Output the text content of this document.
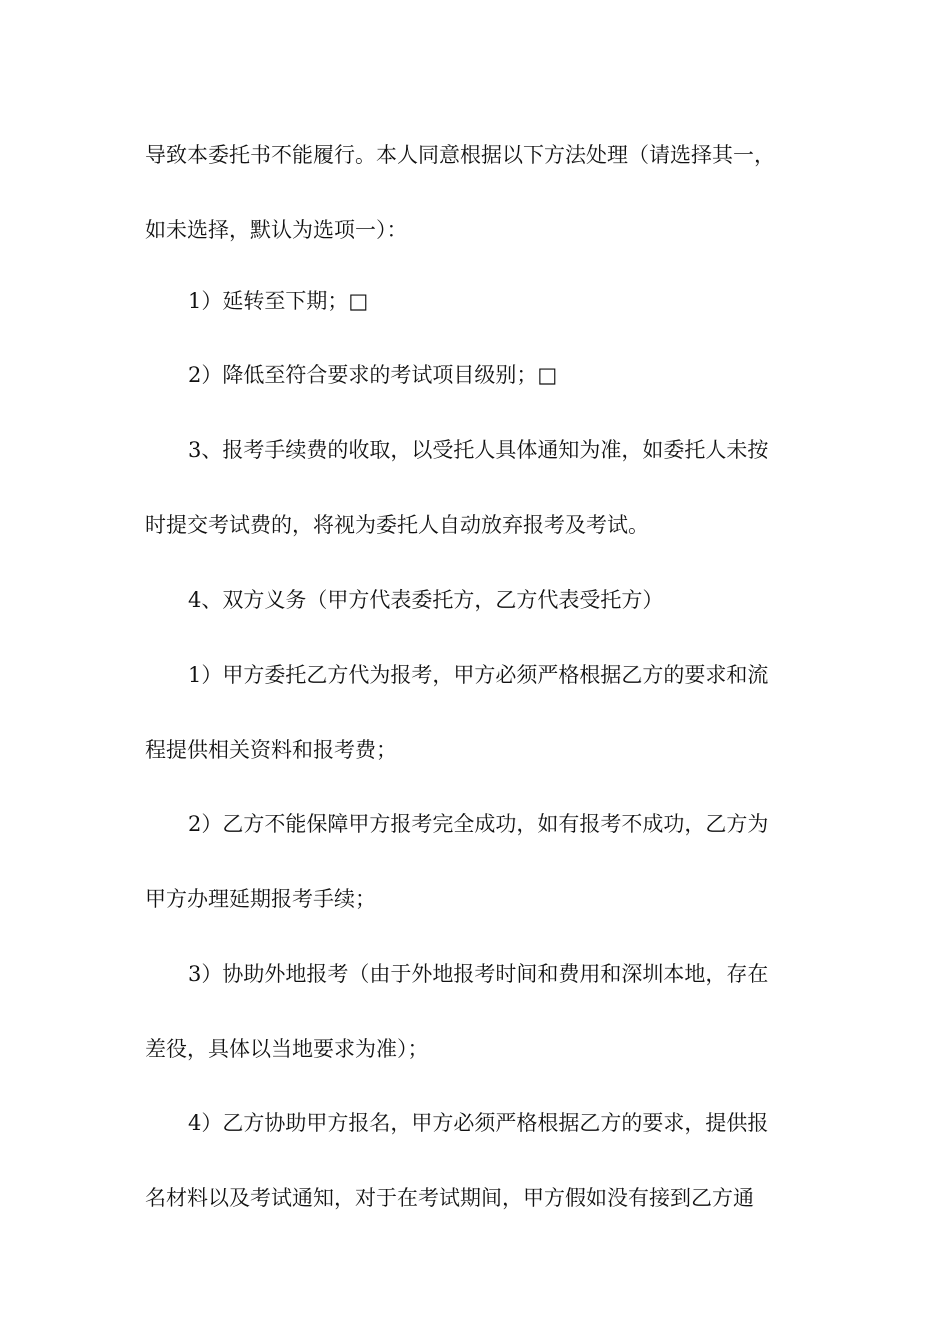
导致本委托书不能履行。本人同意根据以下方法处理（请选择其一，
如未选择，默认为选项一）：
1）延转至下期；□
2）降低至符合要求的考试项目级别；□
3、报考手续费的收取，以受托人具体通知为准，如委托人未按
时提交考试费的，将视为委托人自动放弃报考及考试。
4、双方义务（甲方代表委托方，乙方代表受托方）
1）甲方委托乙方代为报考，甲方必须严格根据乙方的要求和流
程提供相关资料和报考费；
2）乙方不能保障甲方报考完全成功，如有报考不成功，乙方为
甲方办理延期报考手续；
3）协助外地报考（由于外地报考时间和费用和深圳本地，存在
差役，具体以当地要求为准）；
4）乙方协助甲方报名，甲方必须严格根据乙方的要求，提供报
名材料以及考试通知，对于在考试期间，甲方假如没有接到乙方通
